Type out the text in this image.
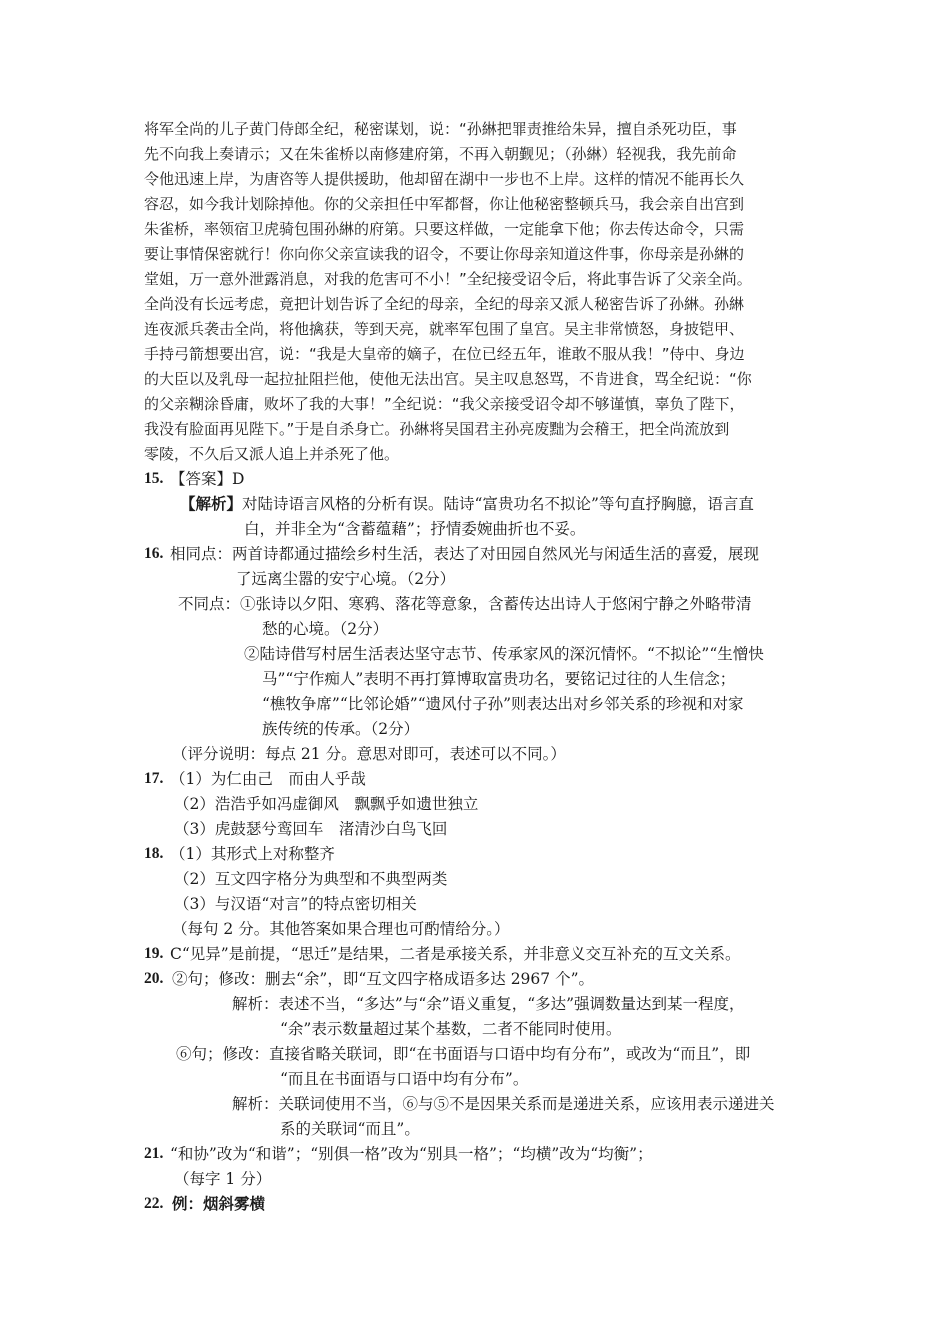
将军全尚的儿子黄门侍郎全纪，秘密谋划，说：“孙綝把罪责推给朱异，擅自杀死功臣，事
先不向我上奏请示；又在朱雀桥以南修建府第，不再入朝觐见；（孙綝）轻视我，我先前命
令他迅速上岸，为唐咨等人提供援助，他却留在湖中一步也不上岸。这样的情况不能再长久
容忍，如今我计划除掉他。你的父亲担任中军都督，你让他秘密整顿兵马，我会亲自出宫到
朱雀桥，率领宿卫虎骑包围孙綝的府第。只要这样做，一定能拿下他；你去传达命令，只需
要让事情保密就行！你向你父亲宣读我的诏令，不要让你母亲知道这件事，你母亲是孙綝的
堂姐，万一意外泄露消息，对我的危害可不小！”全纪接受诏令后，将此事告诉了父亲全尚。
全尚没有长远考虑，竟把计划告诉了全纪的母亲，全纪的母亲又派人秘密告诉了孙綝。孙綝
连夜派兵袭击全尚，将他擒获，等到天亮，就率军包围了皇宫。吴主非常愤怒，身披铠甲、
手持弓箭想要出宫，说：“我是大皇帝的嫡子，在位已经五年，谁敢不服从我！”侍中、身边
的大臣以及乳母一起拉扯阻拦他，使他无法出宫。吴主叹息怒骂，不肯进食，骂全纪说：“你
的父亲糊涂昏庸，败坏了我的大事！”全纪说：“我父亲接受诏令却不够谨慎，辜负了陛下，
我没有脸面再见陛下。”于是自杀身亡。孙綝将吴国君主孙亮废黜为会稽王，把全尚流放到
零陵，不久后又派人追上并杀死了他。
15. 【答案】D
【解析】对陆诗语言风格的分析有误。陆诗“富贵功名不拟论”等句直抒胸臆，语言直
白，并非全为“含蓄蕴藉”；抒情委婉曲折也不妥。
16. 相同点：两首诗都通过描绘乡村生活，表达了对田园自然风光与闲适生活的喜爱，展现
了远离尘嚣的安宁心境。（2分）
不同点：①张诗以夕阳、寒鸦、落花等意象，含蓄传达出诗人于悠闲宁静之外略带清
愁的心境。（2分）
②陆诗借写村居生活表达坚守志节、传承家风的深沉情怀。“不拟论”“生憎快
马”“宁作痴人”表明不再打算博取富贵功名，要铭记过往的人生信念；
“樵牧争席”“比邻论婚”“遗风付子孙”则表达出对乡邻关系的珍视和对家
族传统的传承。（2分）
（评分说明：每点 21 分。意思对即可，表述可以不同。）
17. （1）为仁由己　而由人乎哉
（2）浩浩乎如冯虚御风　飘飘乎如遗世独立
（3）虎鼓瑟兮鸾回车　渚清沙白鸟飞回
18. （1）其形式上对称整齐
（2）互文四字格分为典型和不典型两类
（3）与汉语“对言”的特点密切相关
（每句 2 分。其他答案如果合理也可酌情给分。）
19. C“见异”是前提，“思迁”是结果，二者是承接关系，并非意义交互补充的互文关系。
20. ②句；修改：删去“余”，即“互文四字格成语多达 2967 个”。
解析：表述不当，“多达”与“余”语义重复，“多达”强调数量达到某一程度，
“余”表示数量超过某个基数，二者不能同时使用。
⑥句；修改：直接省略关联词，即“在书面语与口语中均有分布”，或改为“而且”，即
“而且在书面语与口语中均有分布”。
解析：关联词使用不当，⑥与⑤不是因果关系而是递进关系，应该用表示递进关
系的关联词“而且”。
21. “和协”改为“和谐”；“别俱一格”改为“别具一格”；“均横”改为“均衡”；
（每字 1 分）
22. 例：烟斜雾横
